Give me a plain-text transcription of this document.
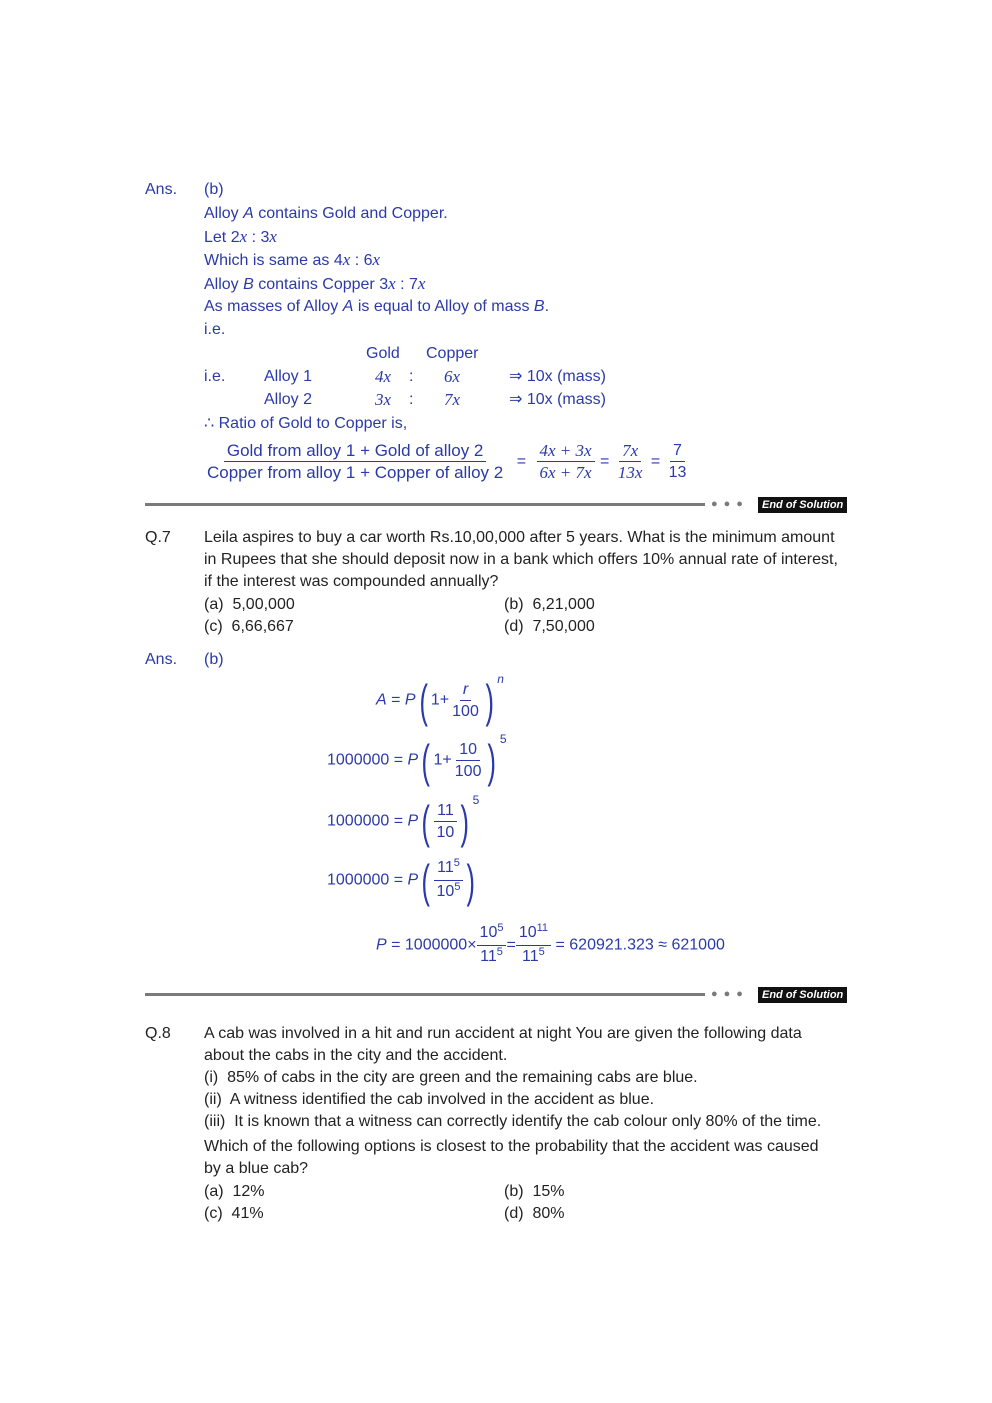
Ans. (b)
Alloy A contains Gold and Copper.
Let 2x : 3x
Which is same as 4x : 6x
Alloy B contains Copper 3x : 7x
As masses of Alloy A is equal to Alloy of mass B.
i.e.
Gold Copper
i.e. Alloy 1	4x : 6x	⇒ 10x (mass)
Alloy 2	3x : 7x	⇒ 10x (mass)
∴ Ratio of Gold to Copper is,
$\frac{\text{Gold from alloy 1 + Gold of alloy 2}}{\text{Copper from alloy 1 + Copper of alloy 2}} = \frac{4x + 3x}{6x + 7x} = \frac{7x}{13x} = \frac{7}{13}$
●●●	End of Solution
Q.7 Leila aspires to buy a car worth Rs.10,00,000 after 5 years. What is the minimum amount
in Rupees that she should deposit now in a bank which offers 10% annual rate of interest,
if the interest was compounded annually?
(a) 5,00,000	(b) 6,21,000
(c) 6,66,667	(d) 7,50,000
Ans. (b)
A = P( $1+ \frac{r}{100}$ ) $^n$
1000000 = P( $1+ \frac{10}{100}$ ) $^5$
$1000000 = P( \frac{11}{10}$ ) $^5$
$1000000 = P( \frac{11^5}{10^5}$ )
$P = 1000000\times \frac{10^5}{11^5} = \frac{10^{11}}{11^5} = 620921.323 \approx 621000$
●●●	End of Solution
Q.8 A cab was involved in a hit and run accident at night You are given the following data
about the cabs in the city and the accident.
(i) 85% of cabs in the city are green and the remaining cabs are blue.
(ii) A witness identified the cab involved in the accident as blue.
(iii) It is known that a witness can correctly identify the cab colour only 80% of the time.
Which of the following options is closest to the probability that the accident was caused
by a blue cab?
(a) 12%	(b) 15%
(c) 41%	(d) 80%
